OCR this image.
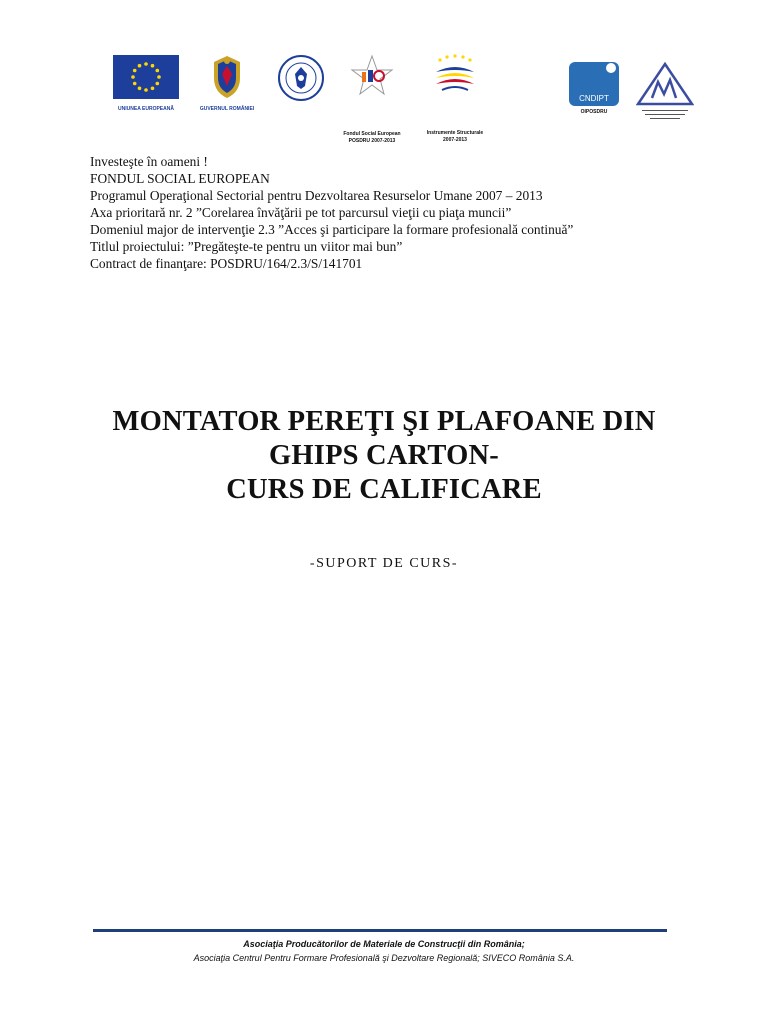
UNIUNEA EUROPEANĂ	GUVERNUL ROMÂNIEI
Fondul Social European
POSDRU 2007-2013
Instrumente Structurale
2007-2013
CNDIPT
OIPOSDRU
Investeşte în oameni !
FONDUL SOCIAL EUROPEAN
Programul Operaţional Sectorial pentru Dezvoltarea Resurselor Umane 2007 – 2013
Axa prioritară nr. 2 ”Corelarea învăţării pe tot parcursul vieţii cu piaţa muncii”
Domeniul major de intervenţie 2.3 ”Acces şi participare la formare profesională continuă”
Titlul proiectului: ”Pregăteşte-te pentru un viitor mai bun”
Contract de finanţare: POSDRU/164/2.3/S/141701
MONTATOR PEREŢI ŞI PLAFOANE DIN
GHIPS CARTON-
CURS DE CALIFICARE
-SUPORT DE CURS-
Asociaţia Producătorilor de Materiale de Construcţii din România;
Asociaţia Centrul Pentru Formare Profesională şi Dezvoltare Regională; SIVECO România S.A.
